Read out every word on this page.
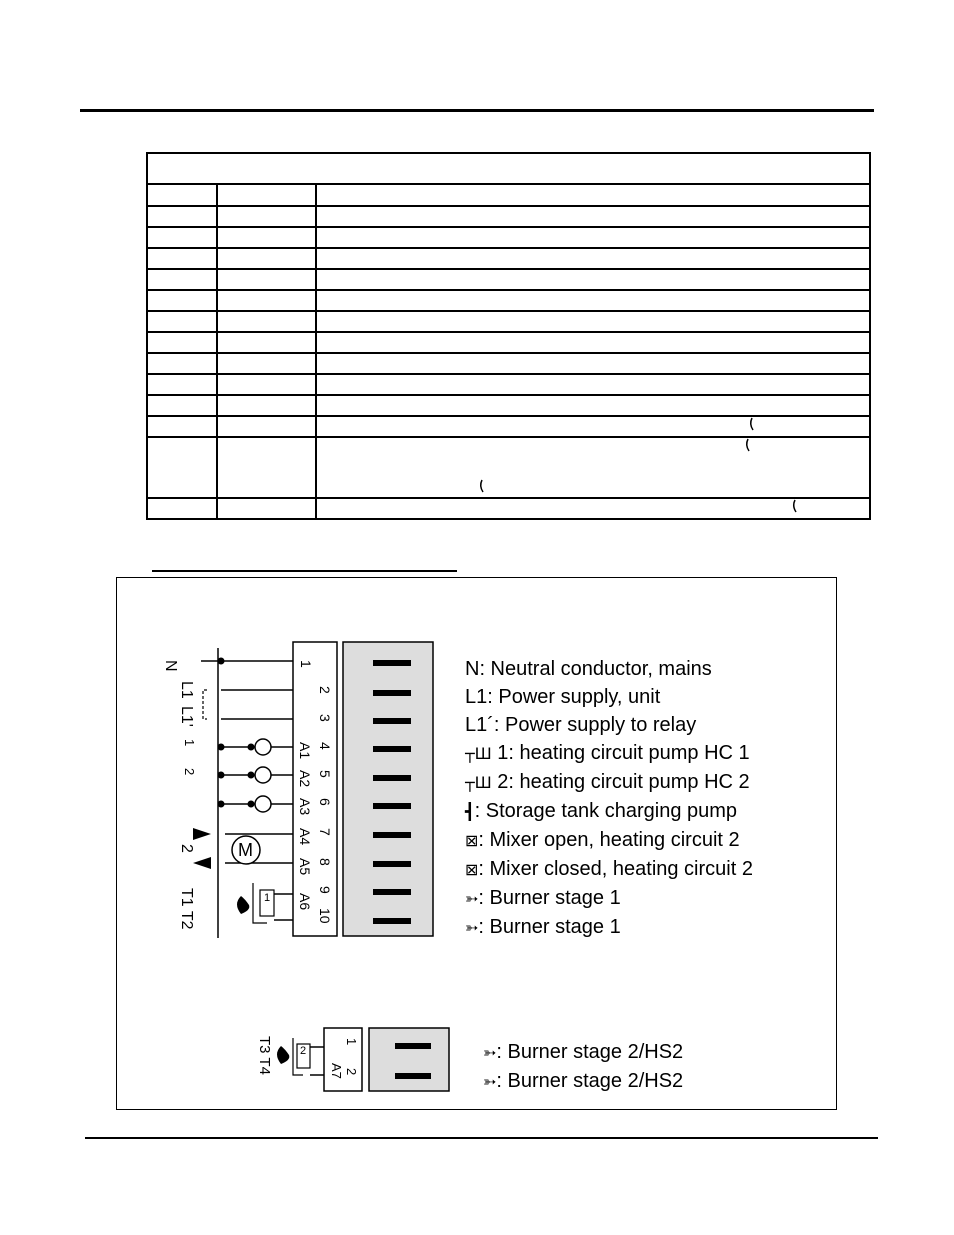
N
L1
L1'
1
2
2
T1 T2
T3 T4
M
1
2
3
4
5
6
7
8
9
10
A1
A2
A3
A4
A5
A6
1
1
2
A7
2
N: Neutral conductor, mains
L1: Power supply, unit
L1´: Power supply to relay
┬Ш 1: heating circuit pump HC 1
┬Ш 2: heating circuit pump HC 2
┫: Storage tank charging pump
⊠: Mixer open, heating circuit 2
⊠: Mixer closed, heating circuit 2
➳: Burner stage 1
➳: Burner stage 1
➳: Burner stage 2/HS2
➳: Burner stage 2/HS2
